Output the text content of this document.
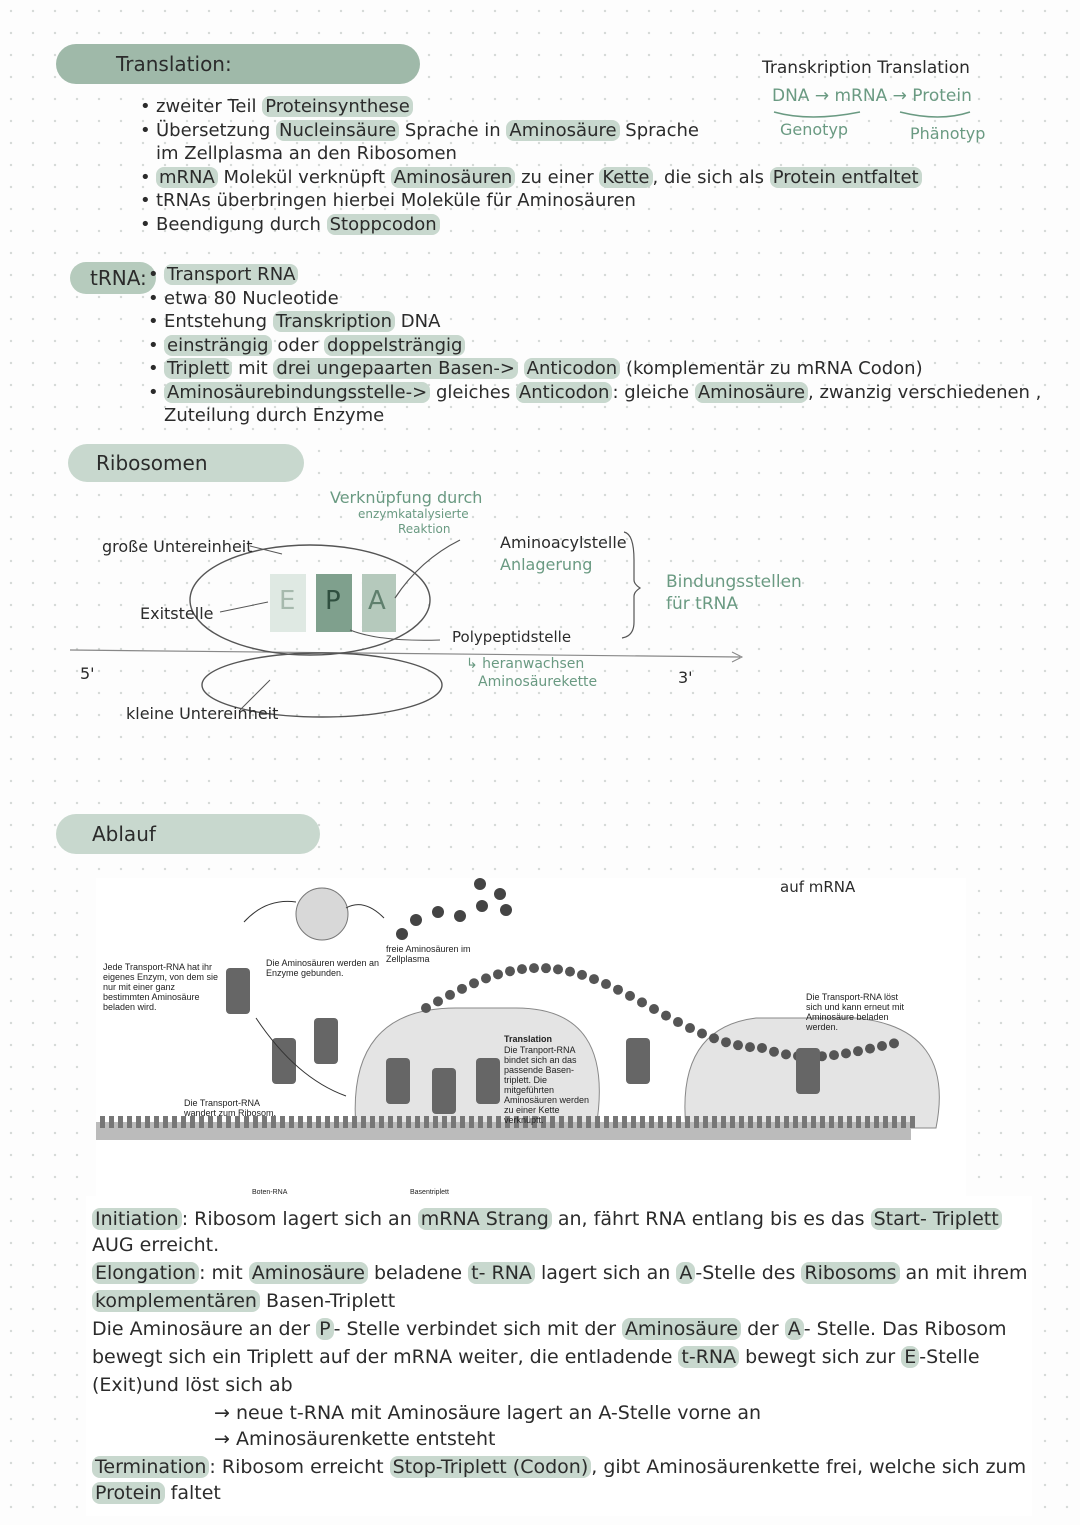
Translation:
• zweiter Teil Proteinsynthese
• Übersetzung Nucleinsäure Sprache in Aminosäure Sprache
im Zellplasma an den Ribosomen
• mRNA Molekül verknüpft Aminosäuren zu einer Kette , die sich als Protein entfaltet
• tRNAs überbringen hierbei Moleküle für Aminosäuren
• Beendigung durch Stoppcodon
Transkription Translation
DNA → mRNA → Protein
Genotyp	Phänotyp
tRNA: • Transport RNA
• etwa 80 Nucleotide
• Entstehung Transkription DNA
• einsträngig oder doppelsträngig
• Triplett mit drei ungepaarten Basen-> Anticodon (komplementär zu mRNA Codon)
• Aminosäurebindungsstelle-> gleiches Anticodon : gleiche Aminosäure , zwanzig verschiedenen ,
Zuteilung durch Enzyme
Ribosomen
Verknüpfung durch
enzymkatalysierte
Reaktion
große Untereinheit
Exitstelle
kleine Untereinheit
Aminoacylstelle
Anlagerung
Bindungsstellen
für tRNA
Polypeptidstelle
↳ heranwachsen
Aminosäurekette
5'	3'
E P A
Ablauf
auf mRNA
Jede Transport-RNA hat ihr eigenes Enzym, von dem sie nur mit einer ganz bestimmten Aminosäure beladen wird.
Die Aminosäuren werden an Enzyme gebunden.
freie Aminosäuren im Zellplasma
Die Transport-RNA wandert zum Ribosom.
Translation
Die Tranport-RNA bindet sich an das passende Basen-triplett. Die mitgeführten Aminosäuren werden zu einer Kette verknüpft.
Die Transport-RNA löst sich und kann erneut mit Aminosäure beladen werden.
Boten-RNA	Basentriplett
Initiation : Ribosom lagert sich an mRNA Strang an, fährt RNA entlang bis es das Start- Triplett
AUG erreicht.
Elongation : mit Aminosäure beladene t- RNA lagert sich an A -Stelle des Ribosoms an mit ihrem
komplementären Basen-Triplett
Die Aminosäure an der P - Stelle verbindet sich mit der Aminosäure der A - Stelle. Das Ribosom
bewegt sich ein Triplett auf der mRNA weiter, die entladende t-RNA bewegt sich zur E -Stelle
(Exit)und löst sich ab
→ neue t-RNA mit Aminosäure lagert an A-Stelle vorne an
→ Aminosäurenkette entsteht
Termination : Ribosom erreicht Stop-Triplett (Codon) , gibt Aminosäurenkette frei, welche sich zum
Protein faltet
